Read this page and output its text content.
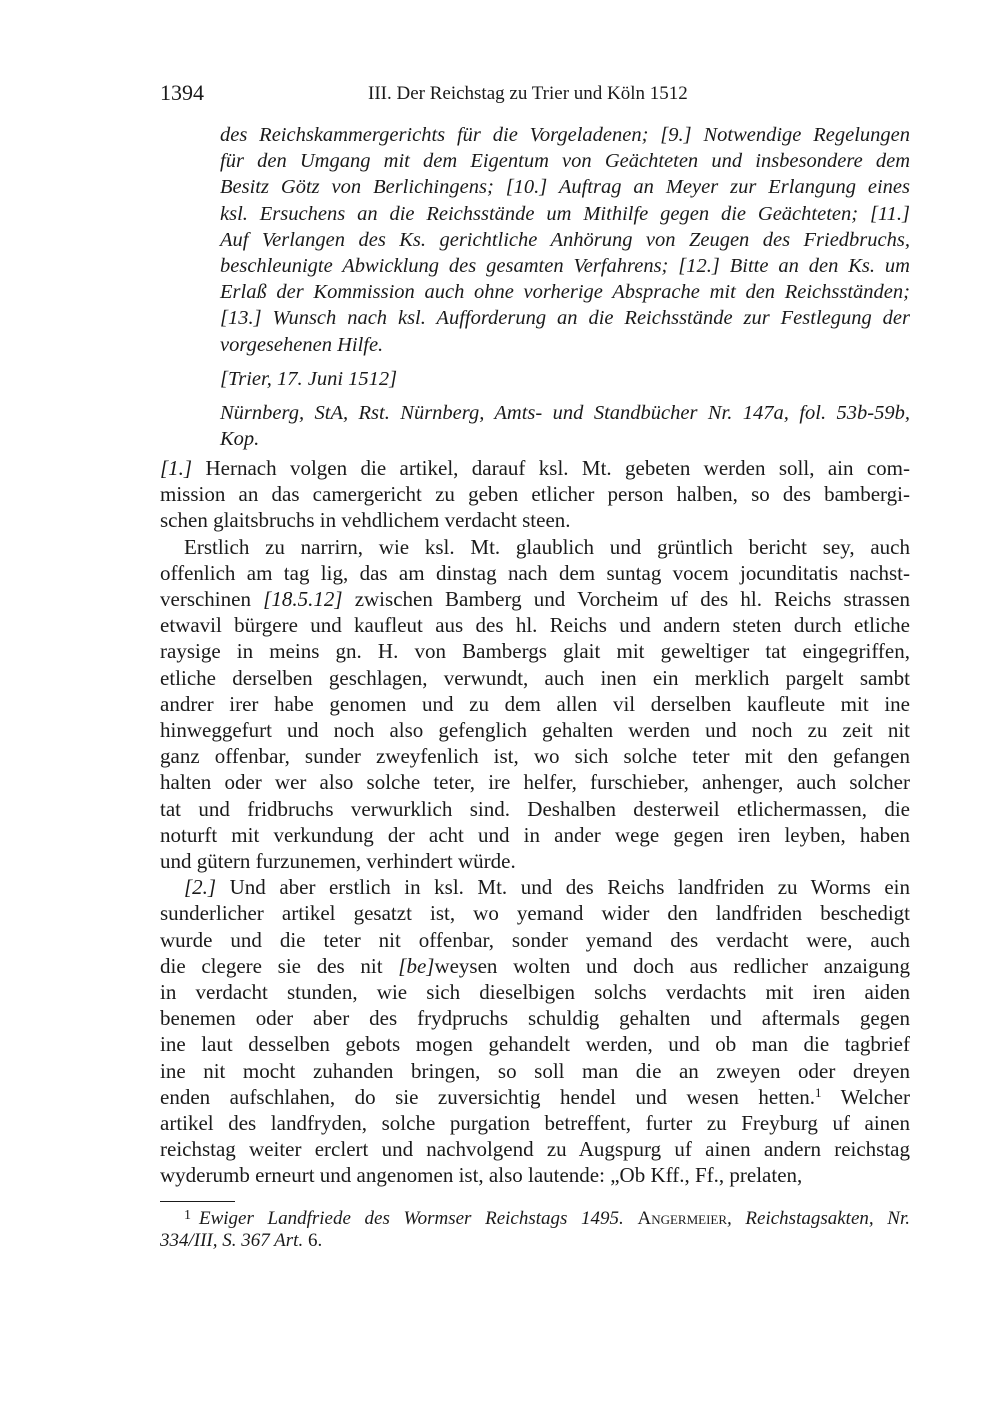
1394	III. Der Reichstag zu Trier und Köln 1512
des Reichskammergerichts für die Vorgeladenen; [9.] Notwendige Regelungen
für den Umgang mit dem Eigentum von Geächteten und insbesondere dem
Besitz Götz von Berlichingens; [10.] Auftrag an Meyer zur Erlangung eines
ksl. Ersuchens an die Reichsstände um Mithilfe gegen die Geächteten; [11.]
Auf Verlangen des Ks. gerichtliche Anhörung von Zeugen des Friedbruchs,
beschleunigte Abwicklung des gesamten Verfahrens; [12.] Bitte an den Ks. um
Erlaß der Kommission auch ohne vorherige Absprache mit den Reichsständen;
[13.] Wunsch nach ksl. Aufforderung an die Reichsstände zur Festlegung der
vorgesehenen Hilfe.
[Trier, 17. Juni 1512]
Nürnberg, StA, Rst. Nürnberg, Amts- und Standbücher Nr. 147a, fol. 53b-59b,
Kop.
[1.] Hernach volgen die artikel, darauf ksl. Mt. gebeten werden soll, ain com-
mission an das camergericht zu geben etlicher person halben, so des bambergi-
schen glaitsbruchs in vehdlichem verdacht steen.
Erstlich zu narrirn, wie ksl. Mt. glaublich und grüntlich bericht sey, auch
offenlich am tag lig, das am dinstag nach dem suntag vocem jocunditatis nachst-
verschinen [18.5.12] zwischen Bamberg und Vorcheim uf des hl. Reichs strassen
etwavil bürgere und kaufleut aus des hl. Reichs und andern steten durch etliche
raysige in meins gn. H. von Bambergs glait mit geweltiger tat eingegriffen,
etliche derselben geschlagen, verwundt, auch inen ein merklich pargelt sambt
andrer irer habe genomen und zu dem allen vil derselben kaufleute mit ine
hinweggefurt und noch also gefenglich gehalten werden und noch zu zeit nit
ganz offenbar, sunder zweyfenlich ist, wo sich solche teter mit den gefangen
halten oder wer also solche teter, ire helfer, furschieber, anhenger, auch solcher
tat und fridbruchs verwurklich sind. Deshalben desterweil etlichermassen, die
noturft mit verkundung der acht und in ander wege gegen iren leyben, haben
und gütern furzunemen, verhindert würde.
[2.] Und aber erstlich in ksl. Mt. und des Reichs landfriden zu Worms ein
sunderlicher artikel gesatzt ist, wo yemand wider den landfriden beschedigt
wurde und die teter nit offenbar, sonder yemand des verdacht were, auch
die clegere sie des nit [be]weysen wolten und doch aus redlicher anzaigung
in verdacht stunden, wie sich dieselbigen solchs verdachts mit iren aiden
benemen oder aber des frydpruchs schuldig gehalten und aftermals gegen
ine laut desselben gebots mogen gehandelt werden, und ob man die tagbrief
ine nit mocht zuhanden bringen, so soll man die an zweyen oder dreyen
enden aufschlahen, do sie zuversichtig hendel und wesen hetten.$^1$ Welcher
artikel des landfryden, solche purgation betreffent, furter zu Freyburg uf ainen
reichstag weiter erclert und nachvolgend zu Augspurg uf ainen andern reichstag
wyderumb erneurt und angenomen ist, also lautende: „Ob Kff., Ff., prelaten,
$^1$ Ewiger Landfriede des Wormser Reichstags 1495. Angermeier, Reichstagsakten, Nr.
334/III, S. 367 Art. 6.
